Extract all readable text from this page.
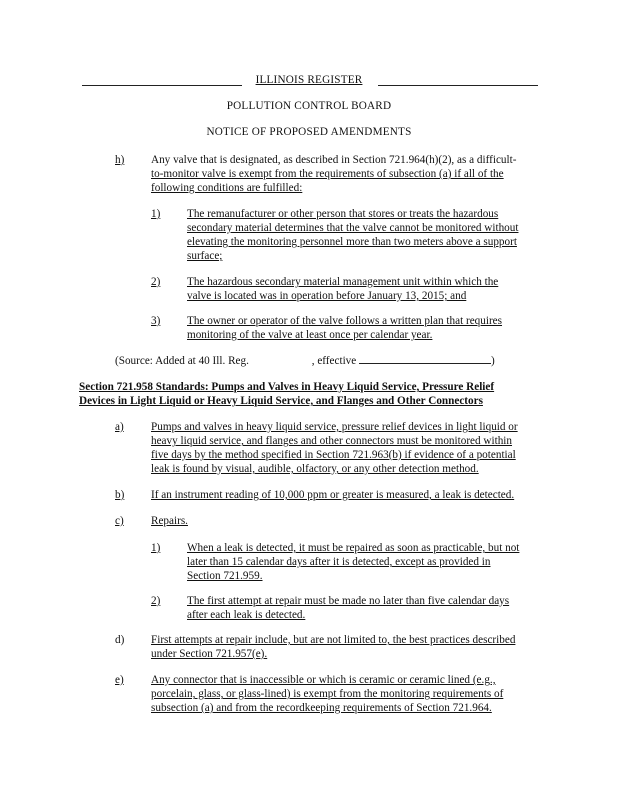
ILLINOIS REGISTER
POLLUTION CONTROL BOARD
NOTICE OF PROPOSED AMENDMENTS
h) Any valve that is designated, as described in Section 721.964(h)(2), as a difficult-
to-monitor valve is exempt from the requirements of subsection (a) if all of the
following conditions are fulfilled:
1) The remanufacturer or other person that stores or treats the hazardous
secondary material determines that the valve cannot be monitored without
elevating the monitoring personnel more than two meters above a support
surface;
2) The hazardous secondary material management unit within which the
valve is located was in operation before January 13, 2015; and
3) The owner or operator of the valve follows a written plan that requires
monitoring of the valve at least once per calendar year.
(Source: Added at 40 Ill. Reg.	, effective	)
Section 721.958 Standards: Pumps and Valves in Heavy Liquid Service, Pressure Relief
Devices in Light Liquid or Heavy Liquid Service, and Flanges and Other Connectors
a) Pumps and valves in heavy liquid service, pressure relief devices in light liquid or
heavy liquid service, and flanges and other connectors must be monitored within
five days by the method specified in Section 721.963(b) if evidence of a potential
leak is found by visual, audible, olfactory, or any other detection method.
b) If an instrument reading of 10,000 ppm or greater is measured, a leak is detected.
c) Repairs.
1) When a leak is detected, it must be repaired as soon as practicable, but not
later than 15 calendar days after it is detected, except as provided in
Section 721.959.
2) The first attempt at repair must be made no later than five calendar days
after each leak is detected.
d) First attempts at repair include, but are not limited to, the best practices described
under Section 721.957(e).
e) Any connector that is inaccessible or which is ceramic or ceramic lined (e.g.,
porcelain, glass, or glass-lined) is exempt from the monitoring requirements of
subsection (a) and from the recordkeeping requirements of Section 721.964.
